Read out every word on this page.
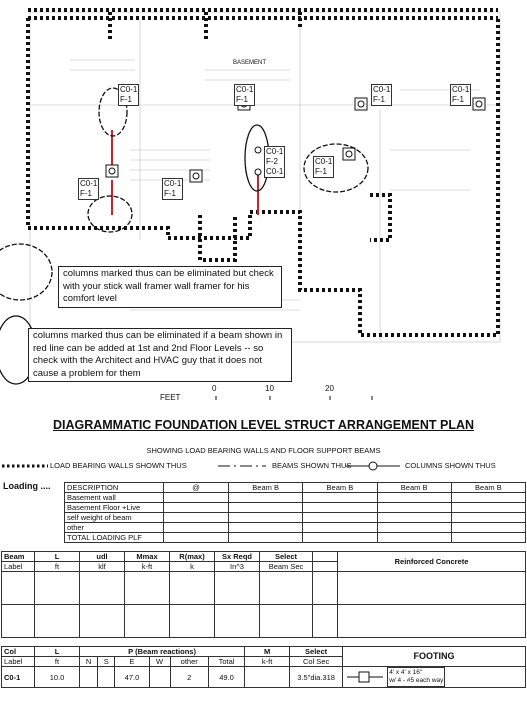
BASEMENT
C0-1
F-1
C0-1
F-1
C0-1
F-1
C0-1
F-1
C0-1
F-1
C0-1
F-2
C0-1
C0-1
F-1
C0-1
F-1
columns marked thus can be eliminated but check with your stick wall framer wall framer for his comfort level
columns marked thus can be eliminated if a beam shown in red line can be added at 1st and 2nd Floor Levels -- so check with the Architect and HVAC guy that it does not cause a problem for them
FEET
0	10	20
DIAGRAMMATIC FOUNDATION LEVEL STRUCT ARRANGEMENT PLAN
SHOWING LOAD BEARING WALLS AND FLOOR SUPPORT BEAMS
LOAD BEARING WALLS SHOWN THUS	BEAMS SHOWN THUS	COLUMNS SHOWN THUS
Loading .... DESCRIPTION	@	Beam B	Beam B	Beam B	Beam B
Basement wall					
Basement Floor +Live					
self weight of beam					
other					
TOTAL LOADING PLF					
Beam	L	udl	Mmax	R(max)	Sx Reqd	Select		Reinforced Concrete
Label	ft	klf	k-ft	k	In^3	Beam Sec		

Col	L	P (Beam reactions)						M	Select	FOOTING
Label	ft	N	S	E	W	other	Total	k-ft	Col Sec	
C0-1	10.0			47.0		2	49.0		3.5"dia.318	4' x 4' x 16"
w/ 4 - #5 each way
